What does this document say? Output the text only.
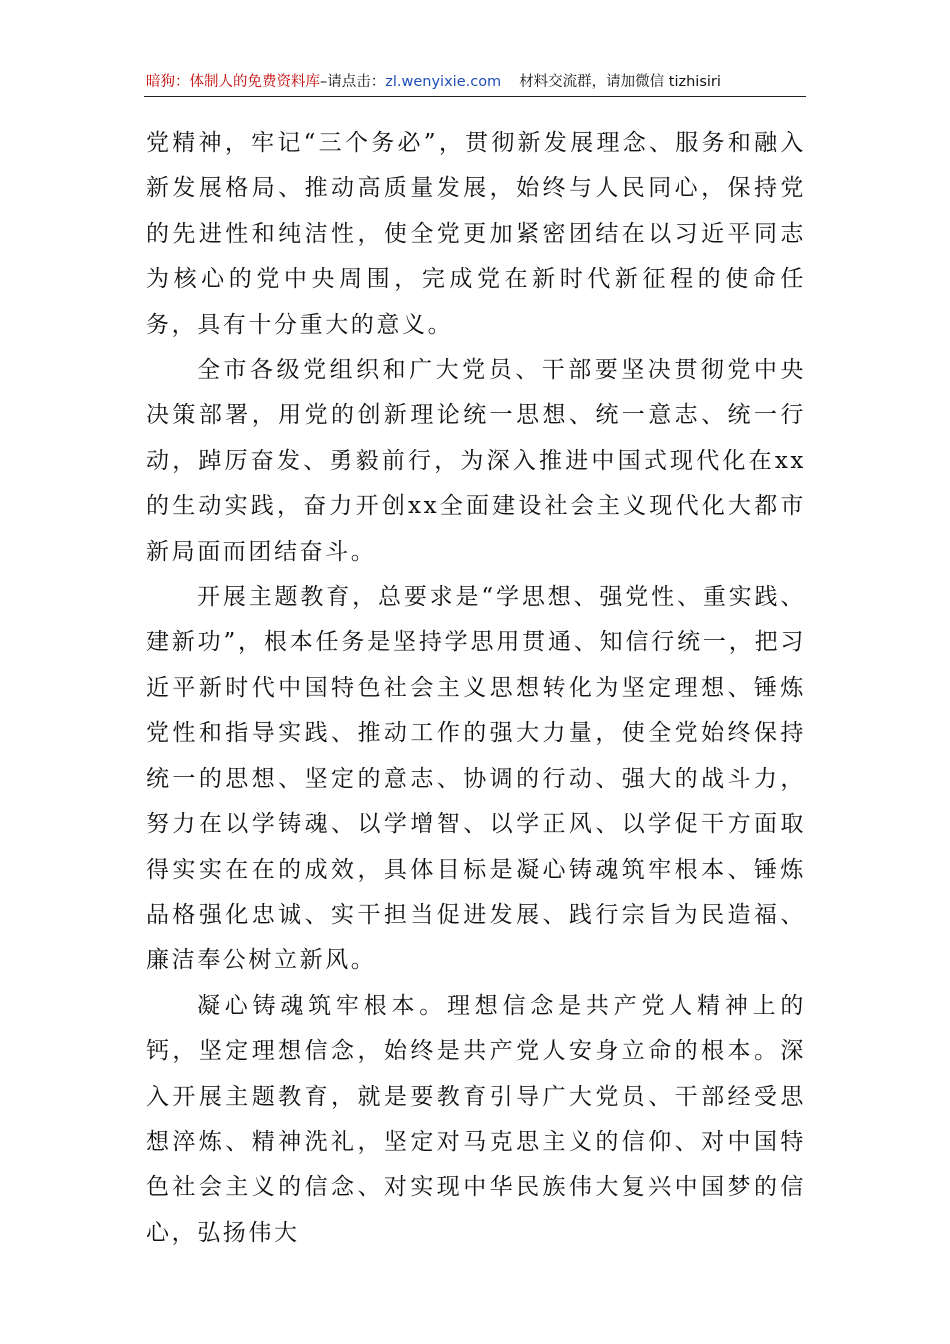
暗狗：体制人的免费资料库–请点击：zl.wenyixie.com 材料交流群，请加微信 tizhisiri

党精神，牢记“三个务必”，贯彻新发展理念、服务和融入新发展格局、推动高质量发展，始终与人民同心，保持党的先进性和纯洁性，使全党更加紧密团结在以习近平同志为核心的党中央周围，完成党在新时代新征程的使命任务，具有十分重大的意义。

全市各级党组织和广大党员、干部要坚决贯彻党中央决策部署，用党的创新理论统一思想、统一意志、统一行动，踔厉奋发、勇毅前行，为深入推进中国式现代化在xx的生动实践，奋力开创xx全面建设社会主义现代化大都市新局面而团结奋斗。

开展主题教育，总要求是“学思想、强党性、重实践、建新功”，根本任务是坚持学思用贯通、知信行统一，把习近平新时代中国特色社会主义思想转化为坚定理想、锤炼党性和指导实践、推动工作的强大力量，使全党始终保持统一的思想、坚定的意志、协调的行动、强大的战斗力，努力在以学铸魂、以学增智、以学正风、以学促干方面取得实实在在的成效，具体目标是凝心铸魂筑牢根本、锤炼品格强化忠诚、实干担当促进发展、践行宗旨为民造福、廉洁奉公树立新风。

凝心铸魂筑牢根本。理想信念是共产党人精神上的钙，坚定理想信念，始终是共产党人安身立命的根本。深入开展主题教育，就是要教育引导广大党员、干部经受思想淬炼、精神洗礼，坚定对马克思主义的信仰、对中国特色社会主义的信念、对实现中华民族伟大复兴中国梦的信心，弘扬伟大
